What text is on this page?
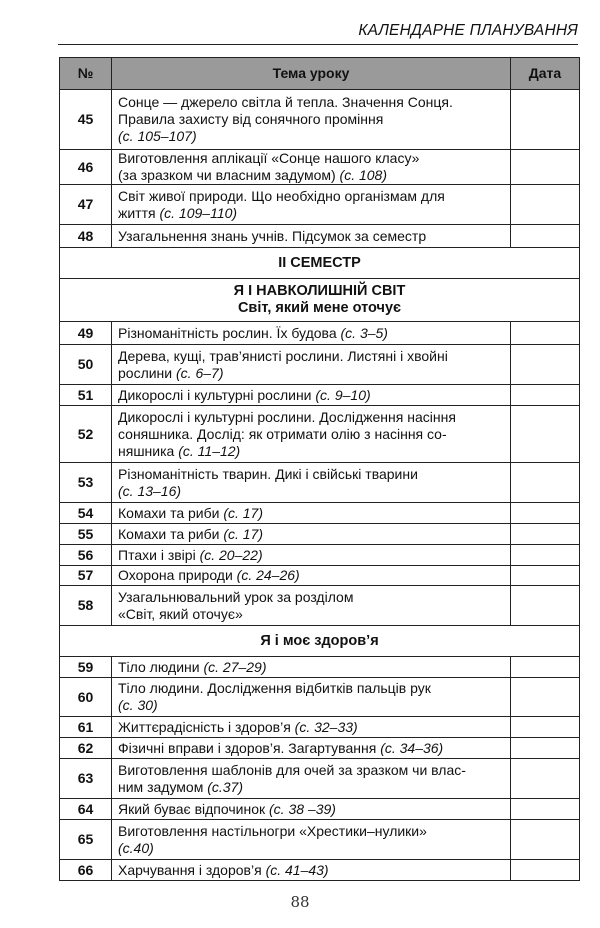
КАЛЕНДАРНЕ ПЛАНУВАННЯ
№	Тема уроку	Дата
45	Сонце — джерело світла й тепла. Значення Сонця.
Правила захисту від сонячного проміння
(с. 105–107)	

46	Виготовлення аплікації «Сонце нашого класу»
(за зразком чи власним задумом) (с. 108)	

47	Світ живої природи. Що необхідно організмам для
життя (с. 109–110)	

48	Узагальнення знань учнів. Підсумок за семестр	

II СЕМЕСТР		

Я І НАВКОЛИШНІЙ СВІТ
Світ, який мене оточує		

49	Різноманітність рослин. Їх будова (с. 3–5)	

50	Дерева, кущі, трав’янисті рослини. Листяні і хвойні
рослини (с. 6–7)	

51	Дикорослі і культурні рослини (с. 9–10)	

52	Дикорослі і культурні рослини. Дослідження насіння
соняшника. Дослід: як отримати олію з насіння со-
няшника (с. 11–12)	

53	Різноманітність тварин. Дикі і свійські тварини
(с. 13–16)	

54	Комахи та риби (с. 17)	

55	Комахи та риби (с. 17)	

56	Птахи і звірі (с. 20–22)	

57	Охорона природи (с. 24–26)	

58	Узагальнювальний урок за розділом
«Світ, який оточує»	

Я і моє здоров’я		

59	Тіло людини (с. 27–29)	

60	Тіло людини. Дослідження відбитків пальців рук
(с. 30)	

61	Життєрадісність і здоров’я (с. 32–33)	

62	Фізичні вправи і здоров’я. Загартування (с. 34–36)	

63	Виготовлення шаблонів для очей за зразком чи влас-
ним задумом (с.37)	

64	Який буває відпочинок (с. 38 –39)	

65	Виготовлення настільногри «Хрестики–нулики»
(с.40)	

66	Харчування і здоров’я (с. 41–43)	

88
